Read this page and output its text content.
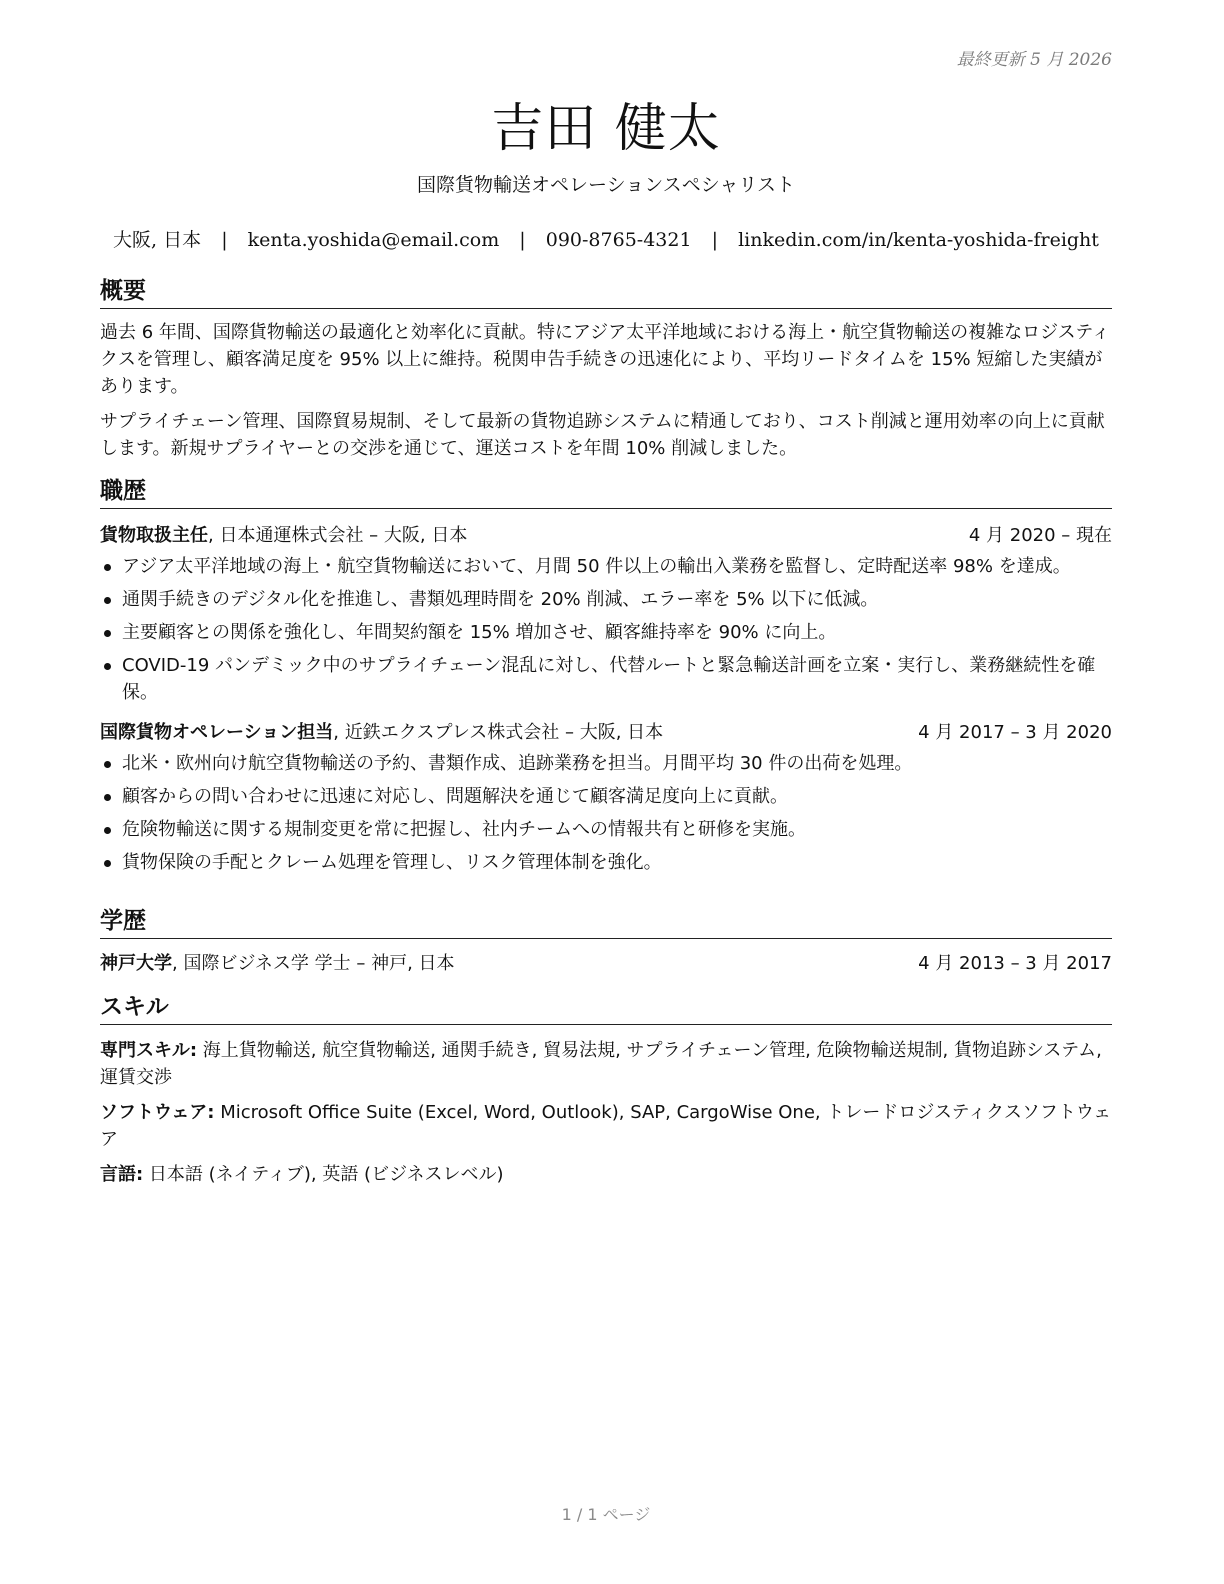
最終更新 5 月 2026
吉田 健太
国際貨物輸送オペレーションスペシャリスト
大阪, 日本 | kenta.yoshida@email.com | 090-8765-4321 | linkedin.com/in/kenta-yoshida-freight
概要

過去 6 年間、国際貨物輸送の最適化と効率化に貢献。特にアジア太平洋地域における海上・航空貨物輸送の複雑なロジスティクスを管理し、顧客満足度を 95% 以上に維持。税関申告手続きの迅速化により、平均リードタイムを 15% 短縮した実績があります。

サプライチェーン管理、国際貿易規制、そして最新の貨物追跡システムに精通しており、コスト削減と運用効率の向上に貢献します。新規サプライヤーとの交渉を通じて、運送コストを年間 10% 削減しました。

職歴
貨物取扱主任, 日本通運株式会社 – 大阪, 日本	4 月 2020 – 現在
アジア太平洋地域の海上・航空貨物輸送において、月間 50 件以上の輸出入業務を監督し、定時配送率 98% を達成。
通関手続きのデジタル化を推進し、書類処理時間を 20% 削減、エラー率を 5% 以下に低減。
主要顧客との関係を強化し、年間契約額を 15% 増加させ、顧客維持率を 90% に向上。
COVID-19 パンデミック中のサプライチェーン混乱に対し、代替ルートと緊急輸送計画を立案・実行し、業務継続性を確保。
国際貨物オペレーション担当, 近鉄エクスプレス株式会社 – 大阪, 日本	4 月 2017 – 3 月 2020
北米・欧州向け航空貨物輸送の予約、書類作成、追跡業務を担当。月間平均 30 件の出荷を処理。
顧客からの問い合わせに迅速に対応し、問題解決を通じて顧客満足度向上に貢献。
危険物輸送に関する規制変更を常に把握し、社内チームへの情報共有と研修を実施。
貨物保険の手配とクレーム処理を管理し、リスク管理体制を強化。
学歴
神戸大学, 国際ビジネス学 学士 – 神戸, 日本	4 月 2013 – 3 月 2017
スキル
専門スキル: 海上貨物輸送, 航空貨物輸送, 通関手続き, 貿易法規, サプライチェーン管理, 危険物輸送規制, 貨物追跡システム, 運賃交渉
ソフトウェア: Microsoft Office Suite (Excel, Word, Outlook), SAP, CargoWise One, トレードロジスティクスソフトウェア
言語: 日本語 (ネイティブ), 英語 (ビジネスレベル)
1 / 1 ページ
